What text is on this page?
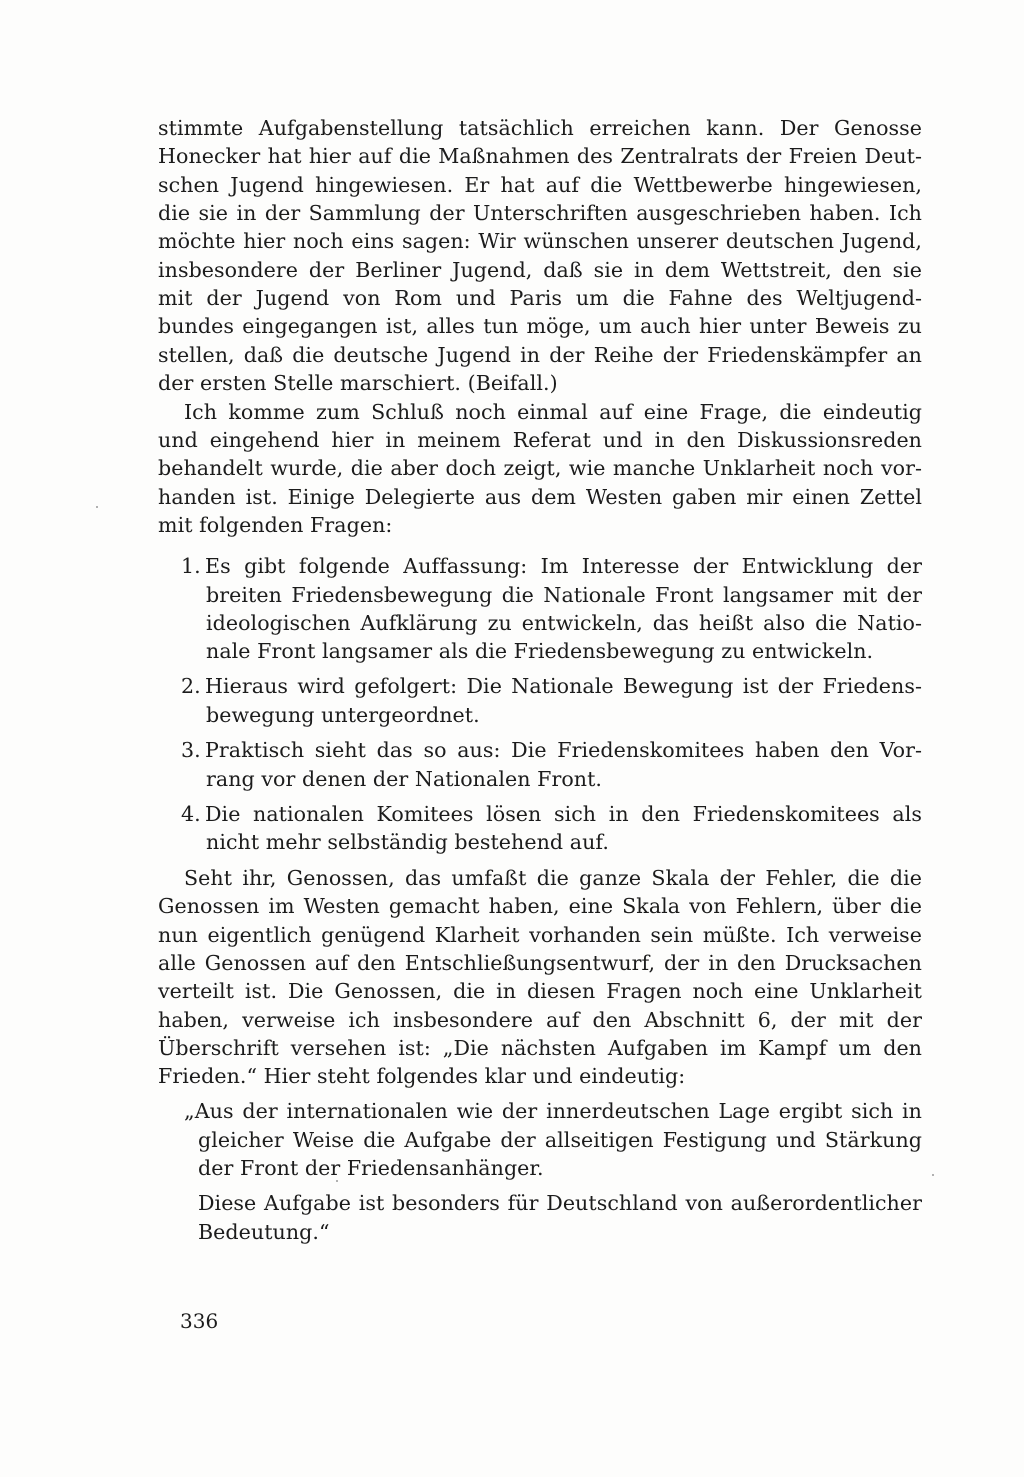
stimmte Aufgabenstellung tatsächlich erreichen kann. Der Genosse
Honecker hat hier auf die Maßnahmen des Zentralrats der Freien Deut-
schen Jugend hingewiesen. Er hat auf die Wettbewerbe hingewiesen,
die sie in der Sammlung der Unterschriften ausgeschrieben haben. Ich
möchte hier noch eins sagen: Wir wünschen unserer deutschen Jugend,
insbesondere der Berliner Jugend, daß sie in dem Wettstreit, den sie
mit der Jugend von Rom und Paris um die Fahne des Weltjugend-
bundes eingegangen ist, alles tun möge, um auch hier unter Beweis zu
stellen, daß die deutsche Jugend in der Reihe der Friedenskämpfer an
der ersten Stelle marschiert. (Beifall.)
Ich komme zum Schluß noch einmal auf eine Frage, die eindeutig
und eingehend hier in meinem Referat und in den Diskussionsreden
behandelt wurde, die aber doch zeigt, wie manche Unklarheit noch vor-
handen ist. Einige Delegierte aus dem Westen gaben mir einen Zettel
mit folgenden Fragen:
1. Es gibt folgende Auffassung: Im Interesse der Entwicklung der
breiten Friedensbewegung die Nationale Front langsamer mit der
ideologischen Aufklärung zu entwickeln, das heißt also die Natio-
nale Front langsamer als die Friedensbewegung zu entwickeln.
2. Hieraus wird gefolgert: Die Nationale Bewegung ist der Friedens-
bewegung untergeordnet.
3. Praktisch sieht das so aus: Die Friedenskomitees haben den Vor-
rang vor denen der Nationalen Front.
4. Die nationalen Komitees lösen sich in den Friedenskomitees als
nicht mehr selbständig bestehend auf.
Seht ihr, Genossen, das umfaßt die ganze Skala der Fehler, die die
Genossen im Westen gemacht haben, eine Skala von Fehlern, über die
nun eigentlich genügend Klarheit vorhanden sein müßte. Ich verweise
alle Genossen auf den Entschließungsentwurf, der in den Drucksachen
verteilt ist. Die Genossen, die in diesen Fragen noch eine Unklarheit
haben, verweise ich insbesondere auf den Abschnitt 6, der mit der
Überschrift versehen ist: „Die nächsten Aufgaben im Kampf um den
Frieden.“ Hier steht folgendes klar und eindeutig:
„Aus der internationalen wie der innerdeutschen Lage ergibt sich in
gleicher Weise die Aufgabe der allseitigen Festigung und Stärkung
der Front der Friedensanhänger.
Diese Aufgabe ist besonders für Deutschland von außerordentlicher
Bedeutung.“
336
